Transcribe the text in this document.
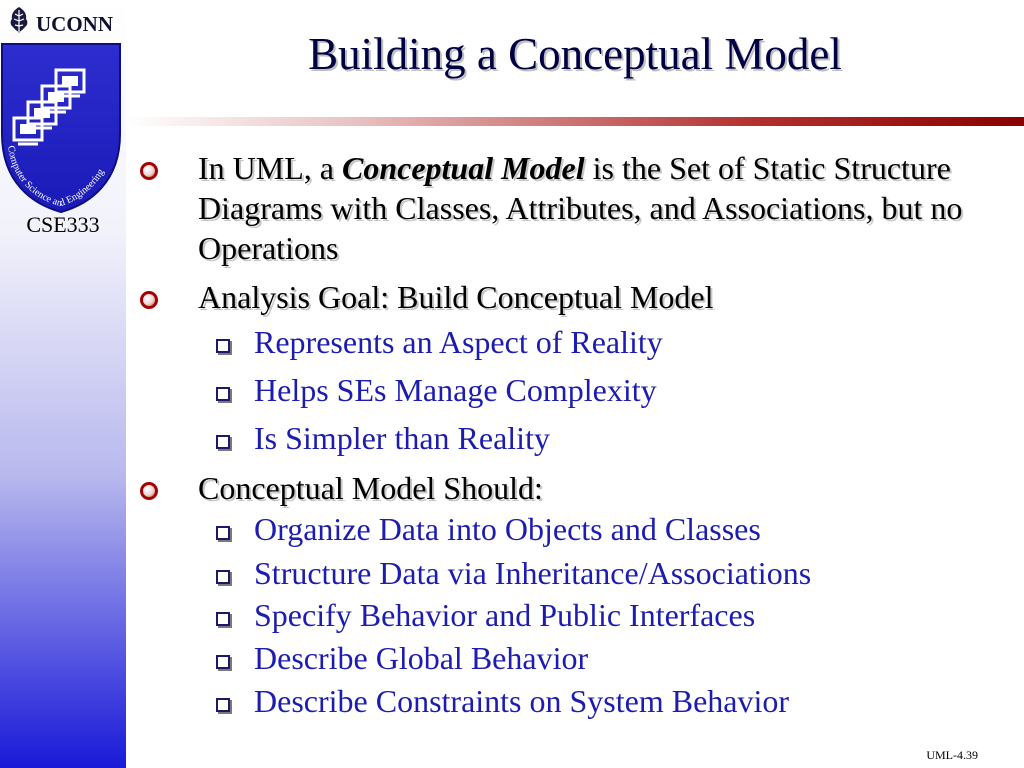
UCONN
Computer Science and Engineering
CSE333
Building a Conceptual Model
In UML, a Conceptual Model is the Set of Static Structure Diagrams with Classes, Attributes, and Associations, but no Operations
Analysis Goal: Build Conceptual Model
Represents an Aspect of Reality
Helps SEs Manage Complexity
Is Simpler than Reality
Conceptual Model Should:
Organize Data into Objects and Classes
Structure Data via Inheritance/Associations
Specify Behavior and Public Interfaces
Describe Global Behavior
Describe Constraints on System Behavior
UML-4.39
